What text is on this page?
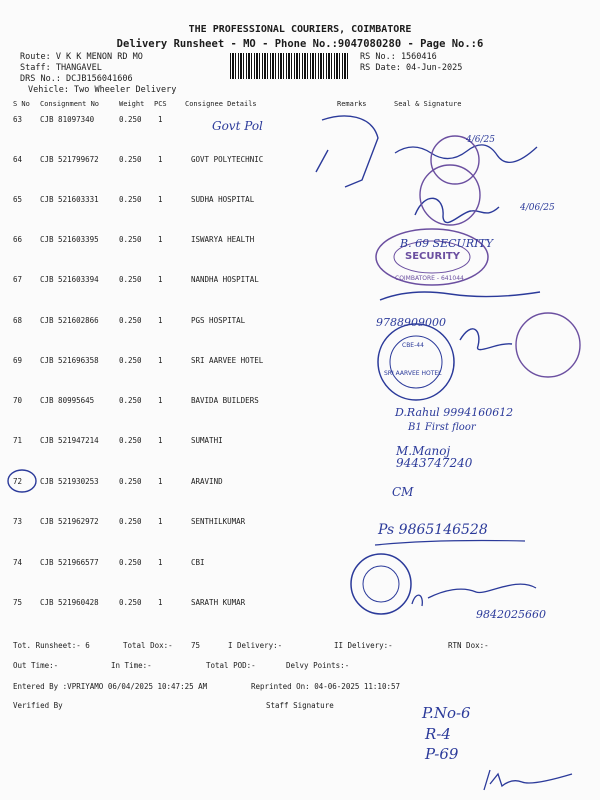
THE PROFESSIONAL COURIERS, COIMBATORE
Delivery Runsheet - MO - Phone No.:9047080280 - Page No.:6
Route: V K K MENON RD MO
Staff: THANGAVEL
DRS No.: DCJB156041606
Vehicle: Two Wheeler Delivery
RS No.: 1560416
RS Date: 04-Jun-2025
S No Consignment No	Weight PCS	Consignee Details	Remarks	Seal & Signature
63 CJB 81097340	0.250 1
64 CJB 521799672	0.250 1	GOVT POLYTECHNIC
65 CJB 521603331	0.250 1	SUDHA HOSPITAL
66 CJB 521603395	0.250 1	ISWARYA HEALTH
67 CJB 521603394	0.250 1	NANDHA HOSPITAL
68 CJB 521602866	0.250 1	PGS HOSPITAL
69 CJB 521696358	0.250 1	SRI AARVEE HOTEL
70 CJB 80995645	0.250 1	BAVIDA BUILDERS
71 CJB 521947214	0.250 1	SUMATHI
72 CJB 521930253	0.250 1	ARAVIND
73 CJB 521962972	0.250 1	SENTHILKUMAR
74 CJB 521966577	0.250 1	CBI
75 CJB 521960428	0.250 1	SARATH KUMAR
Tot. Runsheet:- 6	Total Dox:- 75	I Delivery:-	II Delivery:-	RTN Dox:-
Out Time:-	In Time:-	Total POD:-	Delvy Points:-
Entered By :VPRIYAMO 06/04/2025 10:47:25 AM	Reprinted On: 04-06-2025 11:10:57
Verified By	Staff Signature
SECURITY
COIMBATORE - 641044
SRI AARVEE HOTEL
CBE-44
Govt Pol
4/6/25
4/06/25
B. 69 SECURITY
9788909000
D.Rahul 9994160612
B1 First floor
M.Manoj
9443747240
CM
Ps 9865146528
9842025660
P.No-6
R-4
P-69
